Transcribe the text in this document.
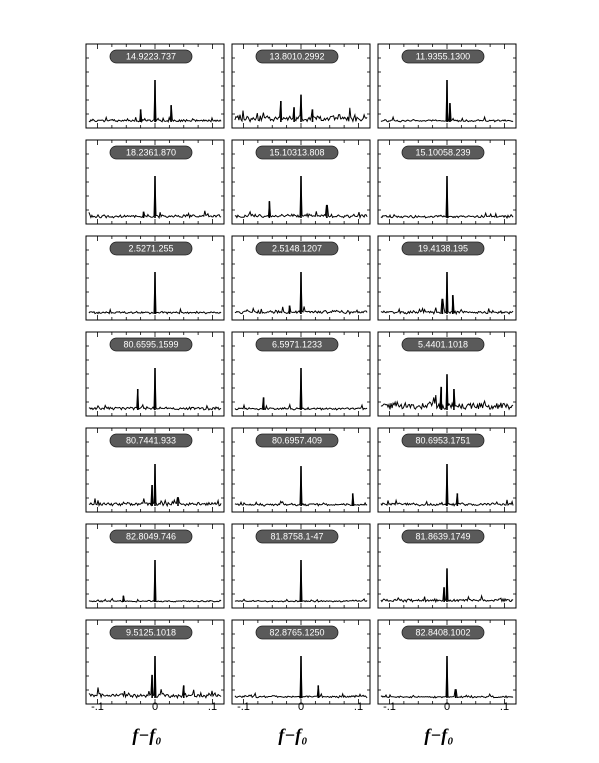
14.9223.737	13.8010.2992	11.9355.1300
18.2361.870	15.10313.808	15.10058.239
2.5271.255	2.5148.1207	19.4138.195
80.6595.1599	6.5971.1233	5.4401.1018
80.7441.933	80.6957.409	80.6953.1751
82.8049.746	81.8758.1-47	81.8639.1749
9.5125.1018	82.8765.1250	82.8408.1002
-.1	0	.1
f−f₀
-.1	0	.1
f−f₀
-.1	0	.1
f−f₀
